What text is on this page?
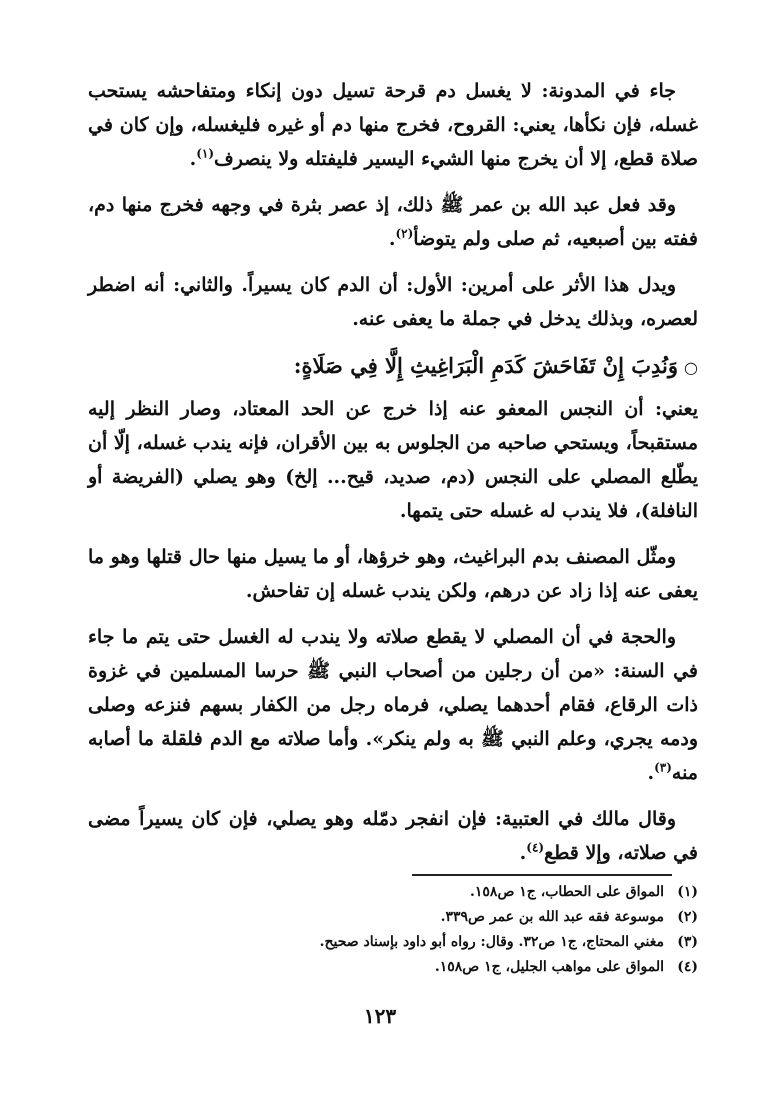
جاء في المدونة: لا يغسل دم قرحة تسيل دون إنكاء ومتفاحشه يستحب غسله، فإن نكأها، يعني: القروح، فخرج منها دم أو غيره فليغسله، وإن كان في صلاة قطع، إلا أن يخرج منها الشيء اليسير فليفتله ولا ينصرف$^{(١)}$.

وقد فعل عبد الله بن عمر ﷺ ذلك، إذ عصر بثرة في وجهه فخرج منها دم، ففته بين أصبعيه، ثم صلى ولم يتوضأ$^{(٢)}$.

ويدل هذا الأثر على أمرين: الأول: أن الدم كان يسيراً. والثاني: أنه اضطر لعصره، وبذلك يدخل في جملة ما يعفى عنه.

○وَنُدِبَ إِنْ تَفَاحَشَ كَدَمِ الْبَرَاغِيثِ إِلَّا فِي صَلَاةٍ:

يعني: أن النجس المعفو عنه إذا خرج عن الحد المعتاد، وصار النظر إليه مستقبحاً، ويستحي صاحبه من الجلوس به بين الأقران، فإنه يندب غسله، إلّا أن يطّلع المصلي على النجس (دم، صديد، قيح... إلخ) وهو يصلي (الفريضة أو النافلة)، فلا يندب له غسله حتى يتمها.

ومثّل المصنف بدم البراغيث، وهو خرؤها، أو ما يسيل منها حال قتلها وهو ما يعفى عنه إذا زاد عن درهم، ولكن يندب غسله إن تفاحش.

والحجة في أن المصلي لا يقطع صلاته ولا يندب له الغسل حتى يتم ما جاء في السنة: «من أن رجلين من أصحاب النبي ﷺ حرسا المسلمين في غزوة ذات الرقاع، فقام أحدهما يصلي، فرماه رجل من الكفار بسهم فنزعه وصلى ودمه يجري، وعلم النبي ﷺ به ولم ينكر». وأما صلاته مع الدم فلقلة ما أصابه منه$^{(٣)}$.

وقال مالك في العتبية: فإن انفجر دمّله وهو يصلي، فإن كان يسيراً مضى في صلاته، وإلا قطع$^{(٤)}$.

(١)المواق على الحطاب، ج١ ص١٥٨.

(٢)موسوعة فقه عبد الله بن عمر ص٣٣٩.

(٣)مغني المحتاج، ج١ ص٣٢. وقال: رواه أبو داود بإسناد صحيح.

(٤)المواق على مواهب الجليل، ج١ ص١٥٨.

١٢٣
